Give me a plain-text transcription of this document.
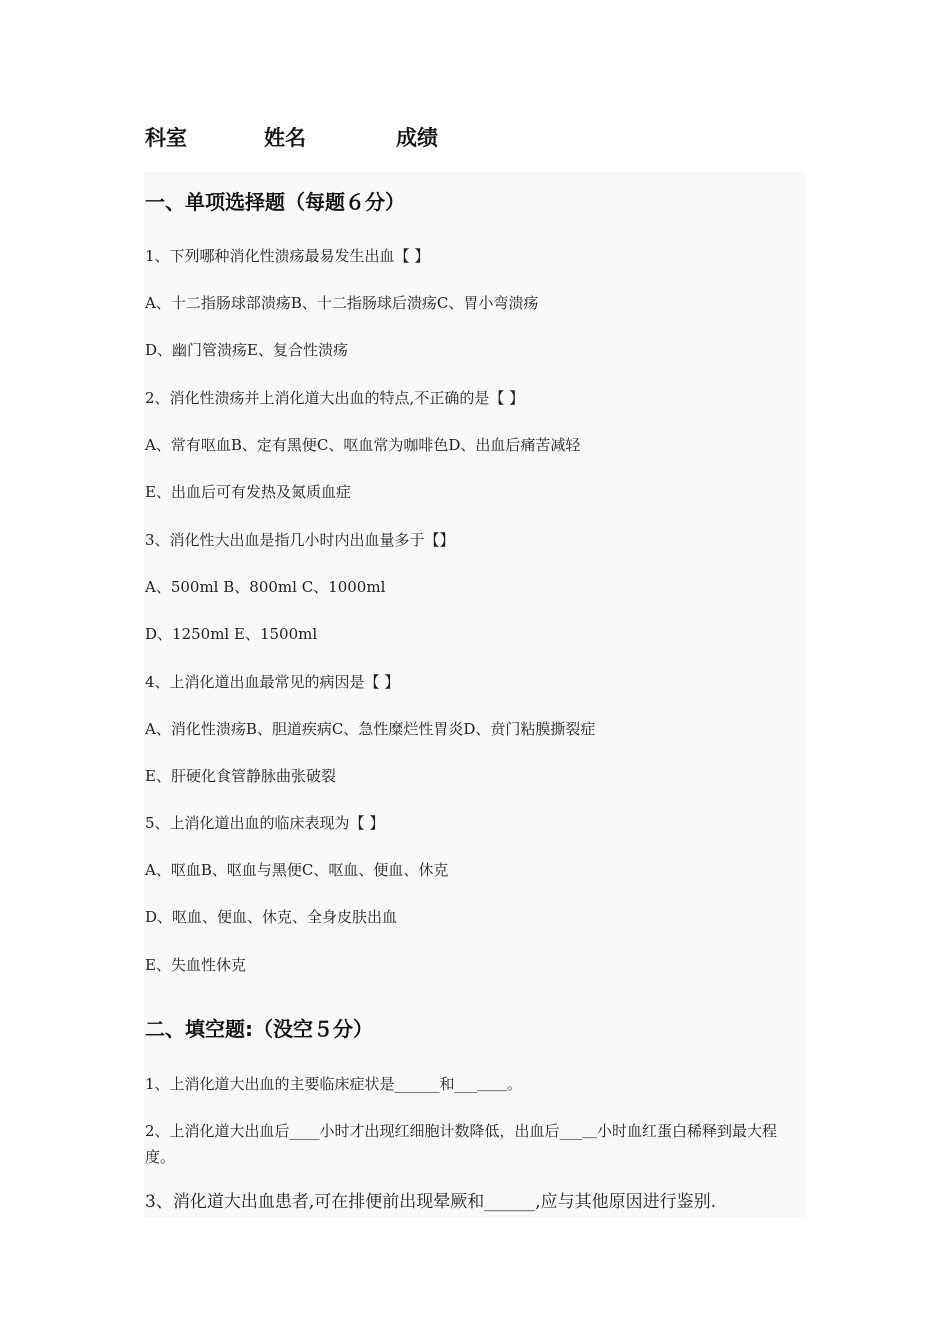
科室	姓名	成绩
一、单项选择题（每题６分）
1、下列哪种消化性溃疡最易发生出血【 】
A、十二指肠球部溃疡B、十二指肠球后溃疡C、胃小弯溃疡
D、幽门管溃疡E、复合性溃疡
2、消化性溃疡并上消化道大出血的特点,不正确的是【 】
A、常有呕血B、定有黑便C、呕血常为咖啡色D、出血后痛苦减轻
E、出血后可有发热及氮质血症
3、消化性大出血是指几小时内出血量多于【】
A、500ml B、800ml C、1000ml
D、1250ml E、1500ml
4、上消化道出血最常见的病因是【 】
A、消化性溃疡B、胆道疾病C、急性糜烂性胃炎D、贲门粘膜撕裂症
E、肝硬化食管静脉曲张破裂
5、上消化道出血的临床表现为【 】
A、呕血B、呕血与黑便C、呕血、便血、休克
D、呕血、便血、休克、全身皮肤出血
E、失血性休克
二、填空题:（没空５分）
1、上消化道大出血的主要临床症状是______和___＿＿。
2、上消化道大出血后____小时才出现红细胞计数降低，出血后___＿小时血红蛋白稀释到最大程度。
3、消化道大出血患者,可在排便前出现晕厥和______,应与其他原因进行鉴别.
